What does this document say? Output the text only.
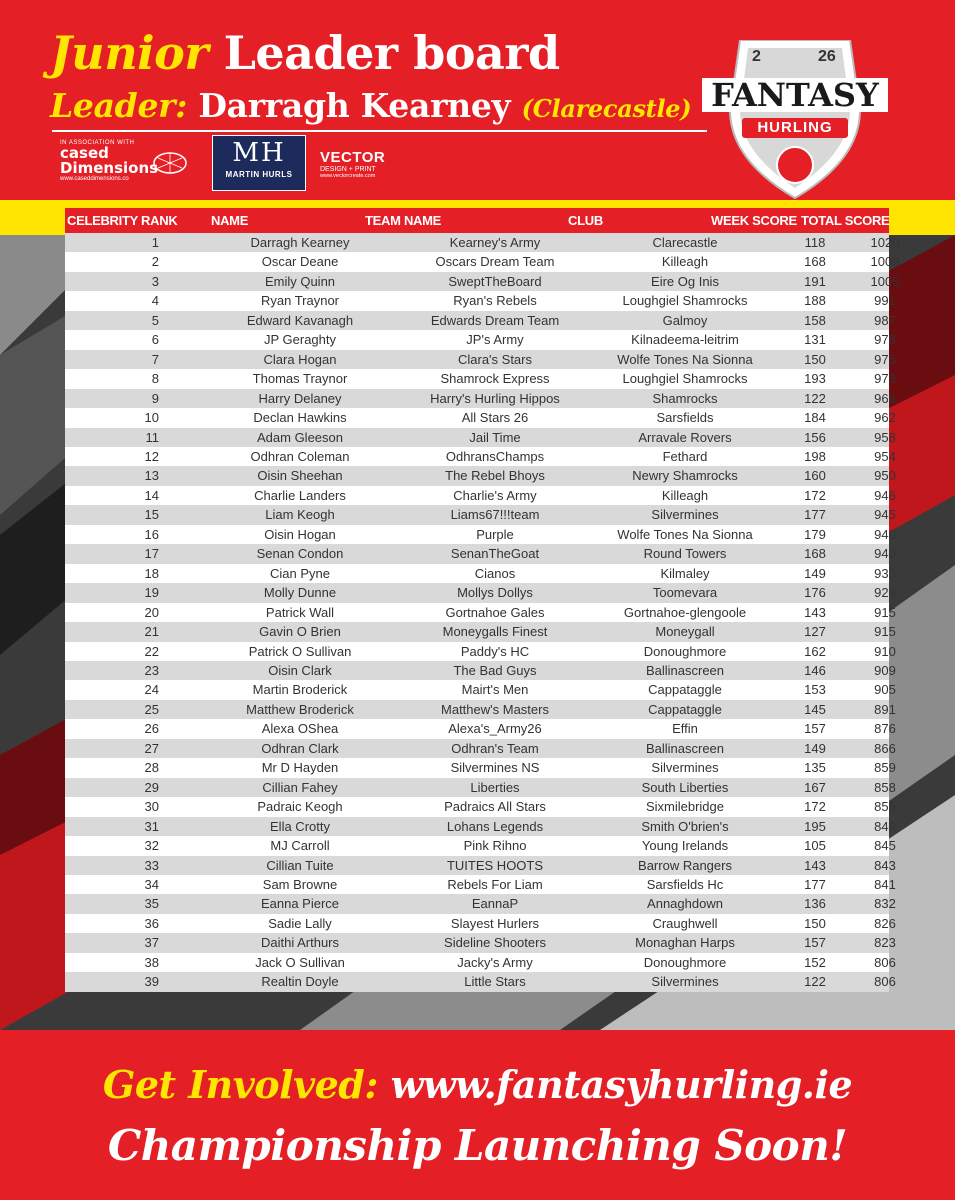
Junior Leader board
Leader: Darragh Kearney (Clarecastle)
IN ASSOCIATION WITH
cased
Dimensions
www.caseddimensions.co
MH
MARTIN HURLS
VECTOR
DESIGN + PRINT
www.vectorcreate.com
2	26
FANTASY
HURLING
CELEBRITY RANK	NAME	TEAM NAME	CLUB	WEEK SCORE TOTAL SCORE
1	Darragh Kearney	Kearney's Army	Clarecastle	118	1020
2	Oscar Deane	Oscars Dream Team	Killeagh	168	1009
3	Emily Quinn	SweptTheBoard	Eire Og Inis	191	1005
4	Ryan Traynor	Ryan's Rebels	Loughgiel Shamrocks	188	991
5	Edward Kavanagh	Edwards Dream Team	Galmoy	158	987
6	JP Geraghty	JP's Army	Kilnadeema-leitrim	131	978
7	Clara Hogan	Clara's Stars	Wolfe Tones Na Sionna	150	975
8	Thomas Traynor	Shamrock Express	Loughgiel Shamrocks	193	973
9	Harry Delaney	Harry's Hurling Hippos	Shamrocks	122	966
10	Declan Hawkins	All Stars 26	Sarsfields	184	962
11	Adam Gleeson	Jail Time	Arravale Rovers	156	958
12	Odhran Coleman	OdhransChamps	Fethard	198	954
13	Oisin Sheehan	The Rebel Bhoys	Newry Shamrocks	160	950
14	Charlie Landers	Charlie's Army	Killeagh	172	946
15	Liam Keogh	Liams67!!!team	Silvermines	177	945
16	Oisin Hogan	Purple	Wolfe Tones Na Sionna	179	940
17	Senan Condon	SenanTheGoat	Round Towers	168	940
18	Cian Pyne	Cianos	Kilmaley	149	930
19	Molly Dunne	Mollys Dollys	Toomevara	176	926
20	Patrick Wall	Gortnahoe Gales	Gortnahoe-glengoole	143	915
21	Gavin O Brien	Moneygalls Finest	Moneygall	127	915
22	Patrick O Sullivan	Paddy's HC	Donoughmore	162	910
23	Oisin Clark	The Bad Guys	Ballinascreen	146	909
24	Martin Broderick	Mairt's Men	Cappataggle	153	905
25	Matthew Broderick	Matthew's Masters	Cappataggle	145	891
26	Alexa OShea	Alexa's_Army26	Effin	157	876
27	Odhran Clark	Odhran's Team	Ballinascreen	149	866
28	Mr D Hayden	Silvermines NS	Silvermines	135	859
29	Cillian Fahey	Liberties	South Liberties	167	858
30	Padraic Keogh	Padraics All Stars	Sixmilebridge	172	855
31	Ella Crotty	Lohans Legends	Smith O'brien's	195	849
32	MJ Carroll	Pink Rihno	Young Irelands	105	845
33	Cillian Tuite	TUITES HOOTS	Barrow Rangers	143	843
34	Sam Browne	Rebels For Liam	Sarsfields Hc	177	841
35	Eanna Pierce	EannaP	Annaghdown	136	832
36	Sadie Lally	Slayest Hurlers	Craughwell	150	826
37	Daithi Arthurs	Sideline Shooters	Monaghan Harps	157	823
38	Jack O Sullivan	Jacky's Army	Donoughmore	152	806
39	Realtin Doyle	Little Stars	Silvermines	122	806
Get Involved: www.fantasyhurling.ie
Championship Launching Soon!
